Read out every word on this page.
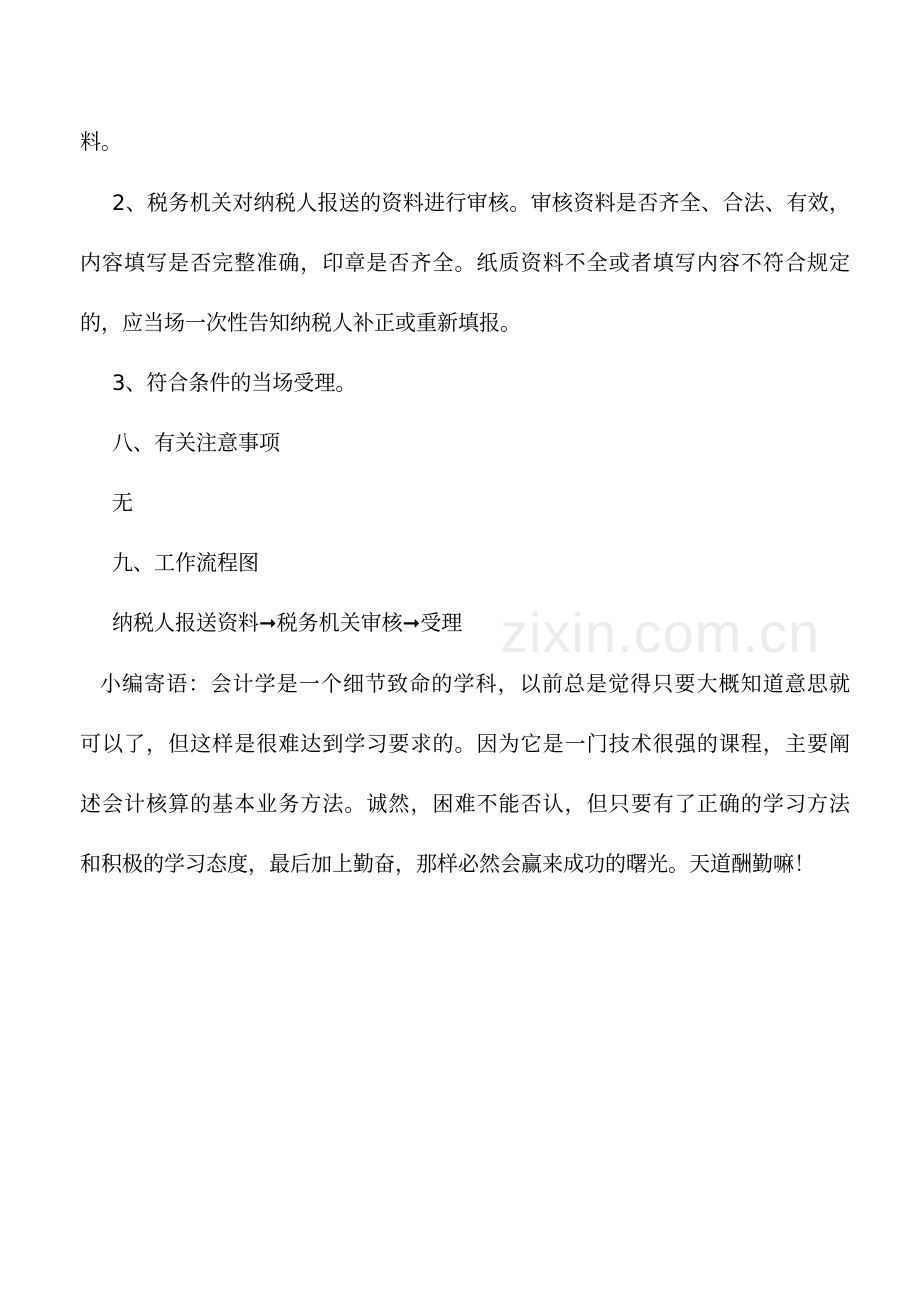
zixin.com.cn
料。
2、税务机关对纳税人报送的资料进行审核。审核资料是否齐全、合法、有效，
内容填写是否完整准确，印章是否齐全。纸质资料不全或者填写内容不符合规定
的，应当场一次性告知纳税人补正或重新填报。
3、符合条件的当场受理。
八、有关注意事项
无
九、工作流程图
纳税人报送资料➞税务机关审核➞受理
小编寄语：会计学是一个细节致命的学科，以前总是觉得只要大概知道意思就
可以了，但这样是很难达到学习要求的。因为它是一门技术很强的课程，主要阐
述会计核算的基本业务方法。诚然，困难不能否认，但只要有了正确的学习方法
和积极的学习态度，最后加上勤奋，那样必然会赢来成功的曙光。天道酬勤嘛！
